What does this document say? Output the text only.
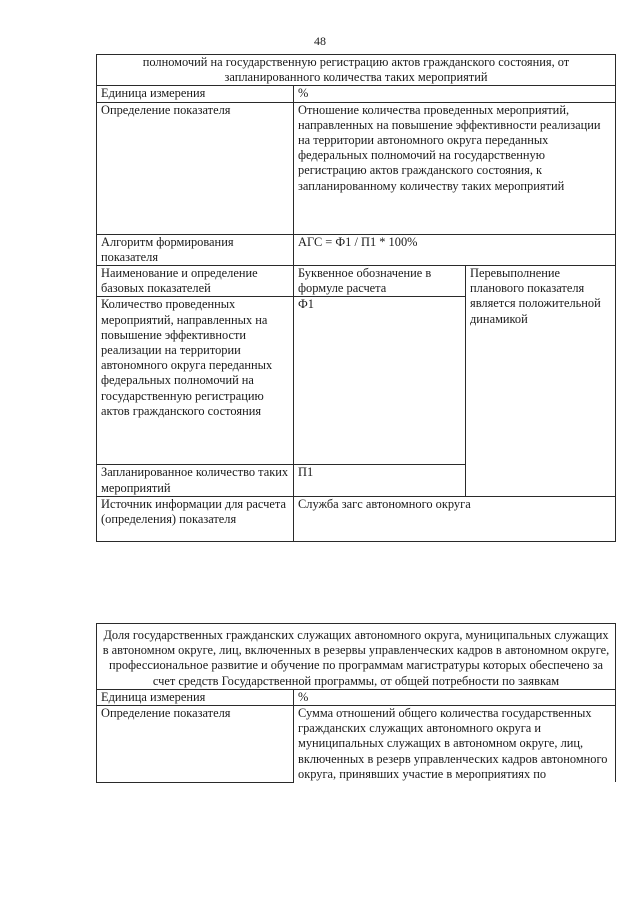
48
полномочий на государственную регистрацию актов гражданского состояния, от запланированного количества таких мероприятий		
Единица измерения	%	
Определение показателя	Отношение количества проведенных мероприятий, направленных на повышение эффективности реализации на территории автономного округа переданных федеральных полномочий на государственную регистрацию актов гражданского состояния, к запланированному количеству таких мероприятий	
Алгоритм формирования показателя	АГС = Ф1 / П1 * 100%	
Наименование и определение базовых показателей	Буквенное обозначение в формуле расчета	Перевыполнение планового показателя является положительной динамикой
Количество проведенных мероприятий, направленных на повышение эффективности реализации на территории автономного округа переданных федеральных полномочий на государственную регистрацию актов гражданского состояния	Ф1	
Запланированное количество таких мероприятий	П1	
Источник информации для расчета (определения) показателя	Служба загс автономного округа	
Доля государственных гражданских служащих автономного округа, муниципальных служащих в автономном округе, лиц, включенных в резервы управленческих кадров в автономном округе, профессиональное развитие и обучение по программам магистратуры которых обеспечено за счет средств Государственной программы, от общей потребности по заявкам	
Единица измерения	%
Определение показателя	Сумма отношений общего количества государственных гражданских служащих автономного округа и муниципальных служащих в автономном округе, лиц, включенных в резерв управленческих кадров автономного округа, принявших участие в мероприятиях по
